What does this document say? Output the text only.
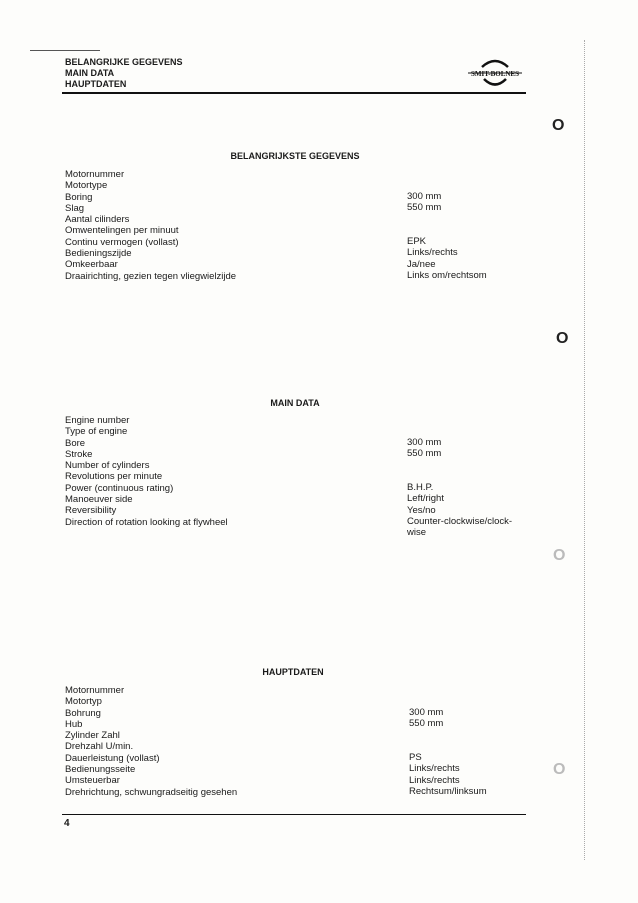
BELANGRIJKE GEGEVENS
MAIN DATA
HAUPTDATEN
SMIT-BOLNES
O
O
O
O
BELANGRIJKSTE GEGEVENS
Motornummer
Motortype
Boring
Slag
Aantal cilinders
Omwentelingen per minuut
Continu vermogen (vollast)
Bedieningszijde
Omkeerbaar
Draairichting, gezien tegen vliegwielzijde
300 mm
550 mm
EPK
Links/rechts
Ja/nee
Links om/rechtsom
MAIN DATA
Engine number
Type of engine
Bore
Stroke
Number of cylinders
Revolutions per minute
Power (continuous rating)
Manoeuver side
Reversibility
Direction of rotation looking at flywheel
300 mm
550 mm
B.H.P.
Left/right
Yes/no
Counter-clockwise/clock-
wise
HAUPTDATEN
Motornummer
Motortyp
Bohrung
Hub
Zylinder Zahl
Drehzahl U/min.
Dauerleistung (vollast)
Bedienungsseite
Umsteuerbar
Drehrichtung, schwungradseitig gesehen
300 mm
550 mm
PS
Links/rechts
Links/rechts
Rechtsum/linksum
4
